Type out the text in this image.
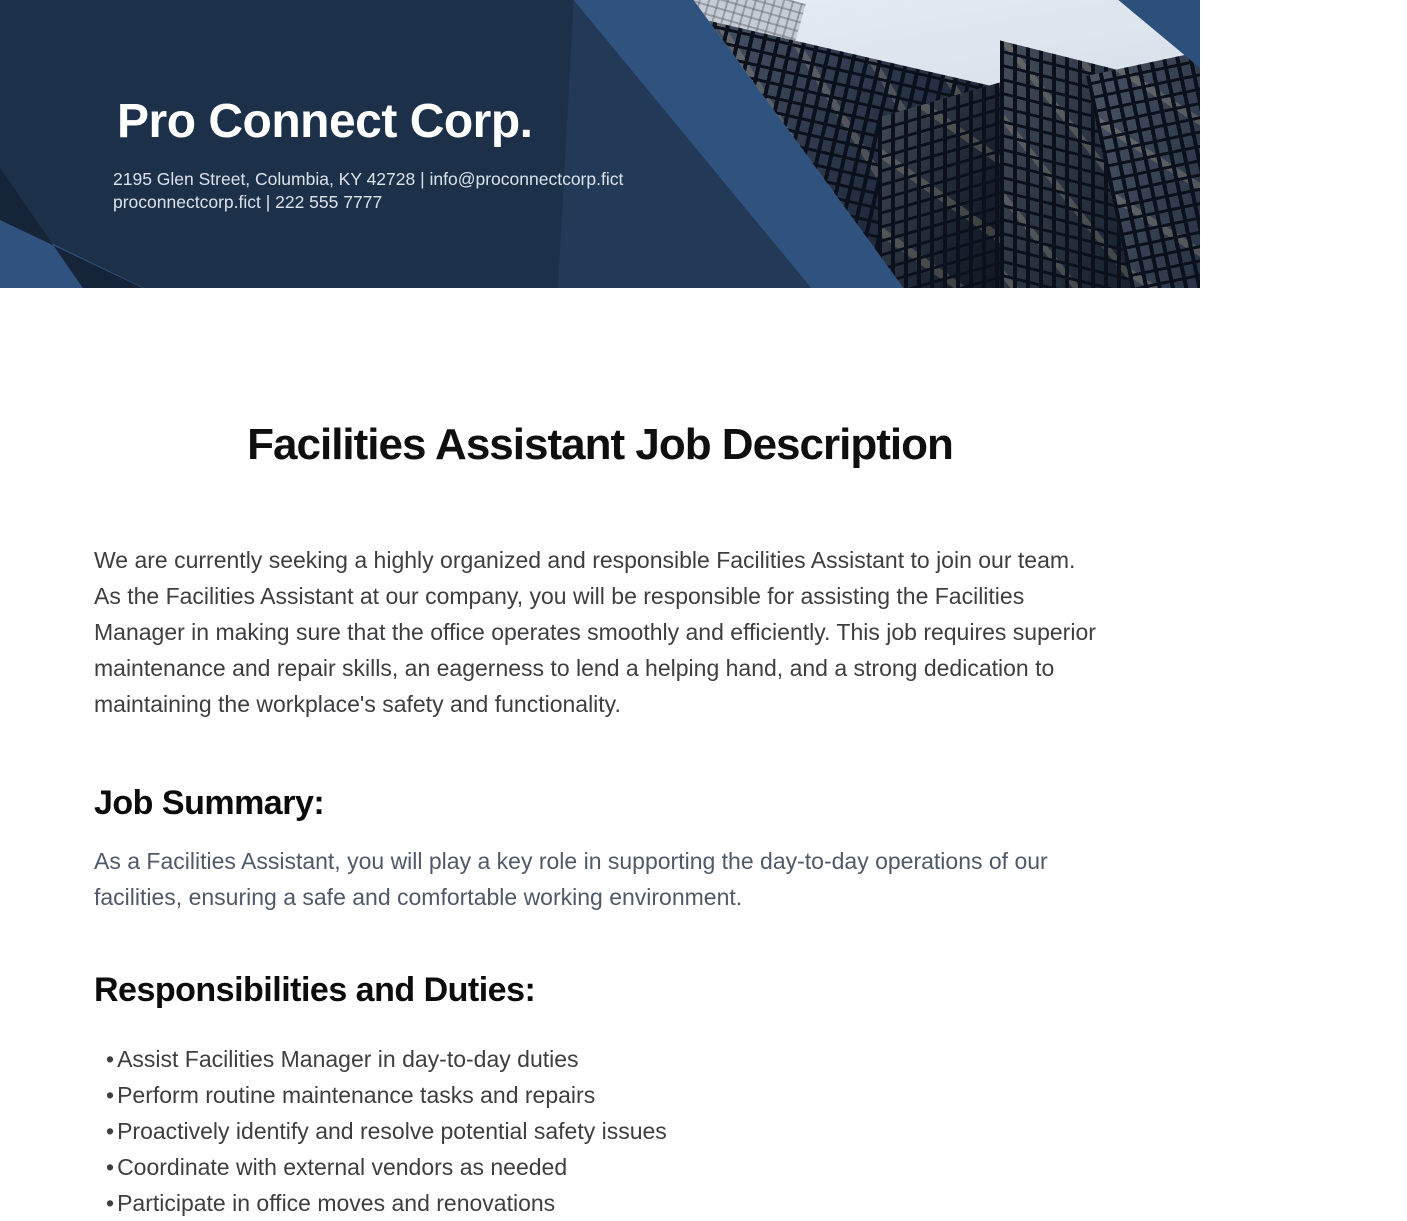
Pro Connect Corp.
2195 Glen Street, Columbia, KY 42728 | info@proconnectcorp.fict
proconnectcorp.fict | 222 555 7777
Facilities Assistant Job Description

We are currently seeking a highly organized and responsible Facilities Assistant to join our team. As the Facilities Assistant at our company, you will be responsible for assisting the Facilities Manager in making sure that the office operates smoothly and efficiently. This job requires superior maintenance and repair skills, an eagerness to lend a helping hand, and a strong dedication to maintaining the workplace's safety and functionality.

Job Summary:

As a Facilities Assistant, you will play a key role in supporting the day-to-day operations of our facilities, ensuring a safe and comfortable working environment.

Responsibilities and Duties:
• Assist Facilities Manager in day-to-day duties
• Perform routine maintenance tasks and repairs
• Proactively identify and resolve potential safety issues
• Coordinate with external vendors as needed
• Participate in office moves and renovations
